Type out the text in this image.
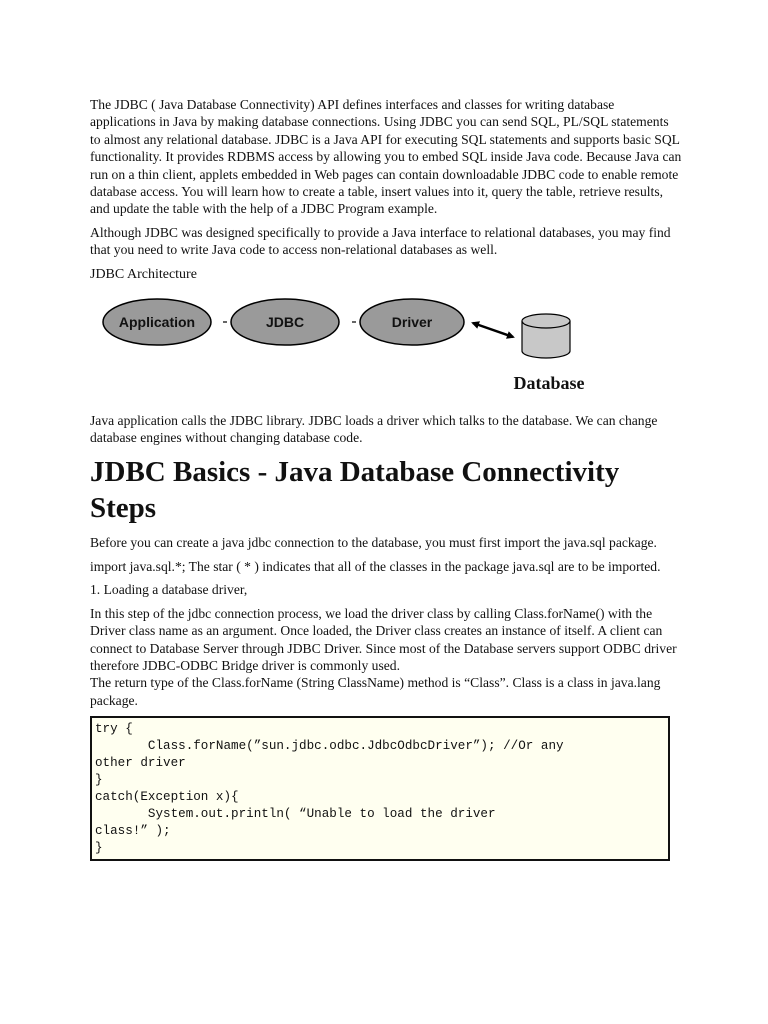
The JDBC ( Java Database Connectivity) API defines interfaces and classes for writing database applications in Java by making database connections. Using JDBC you can send SQL, PL/SQL statements to almost any relational database. JDBC is a Java API for executing SQL statements and supports basic SQL functionality. It provides RDBMS access by allowing you to embed SQL inside Java code. Because Java can run on a thin client, applets embedded in Web pages can contain downloadable JDBC code to enable remote database access. You will learn how to create a table, insert values into it, query the table, retrieve results, and update the table with the help of a JDBC Program example.

Although JDBC was designed specifically to provide a Java interface to relational databases, you may find that you need to write Java code to access non-relational databases as well.

JDBC Architecture
Application	JDBC	Driver
Database

Java application calls the JDBC library. JDBC loads a driver which talks to the database. We can change database engines without changing database code.

JDBC Basics - Java Database Connectivity Steps

Before you can create a java jdbc connection to the database, you must first import the java.sql package.

import java.sql.*; The star ( * ) indicates that all of the classes in the package java.sql are to be imported.

1. Loading a database driver,

In this step of the jdbc connection process, we load the driver class by calling Class.forName() with the Driver class name as an argument. Once loaded, the Driver class creates an instance of itself. A client can connect to Database Server through JDBC Driver. Since most of the Database servers support ODBC driver therefore JDBC-ODBC Bridge driver is commonly used.

The return type of the Class.forName (String ClassName) method is “Class”. Class is a class in java.lang package.

try {
Class.forName(”sun.jdbc.odbc.JdbcOdbcDriver”); //Or any
other driver
}
catch(Exception x){
System.out.println( “Unable to load the driver
class!” );
}
